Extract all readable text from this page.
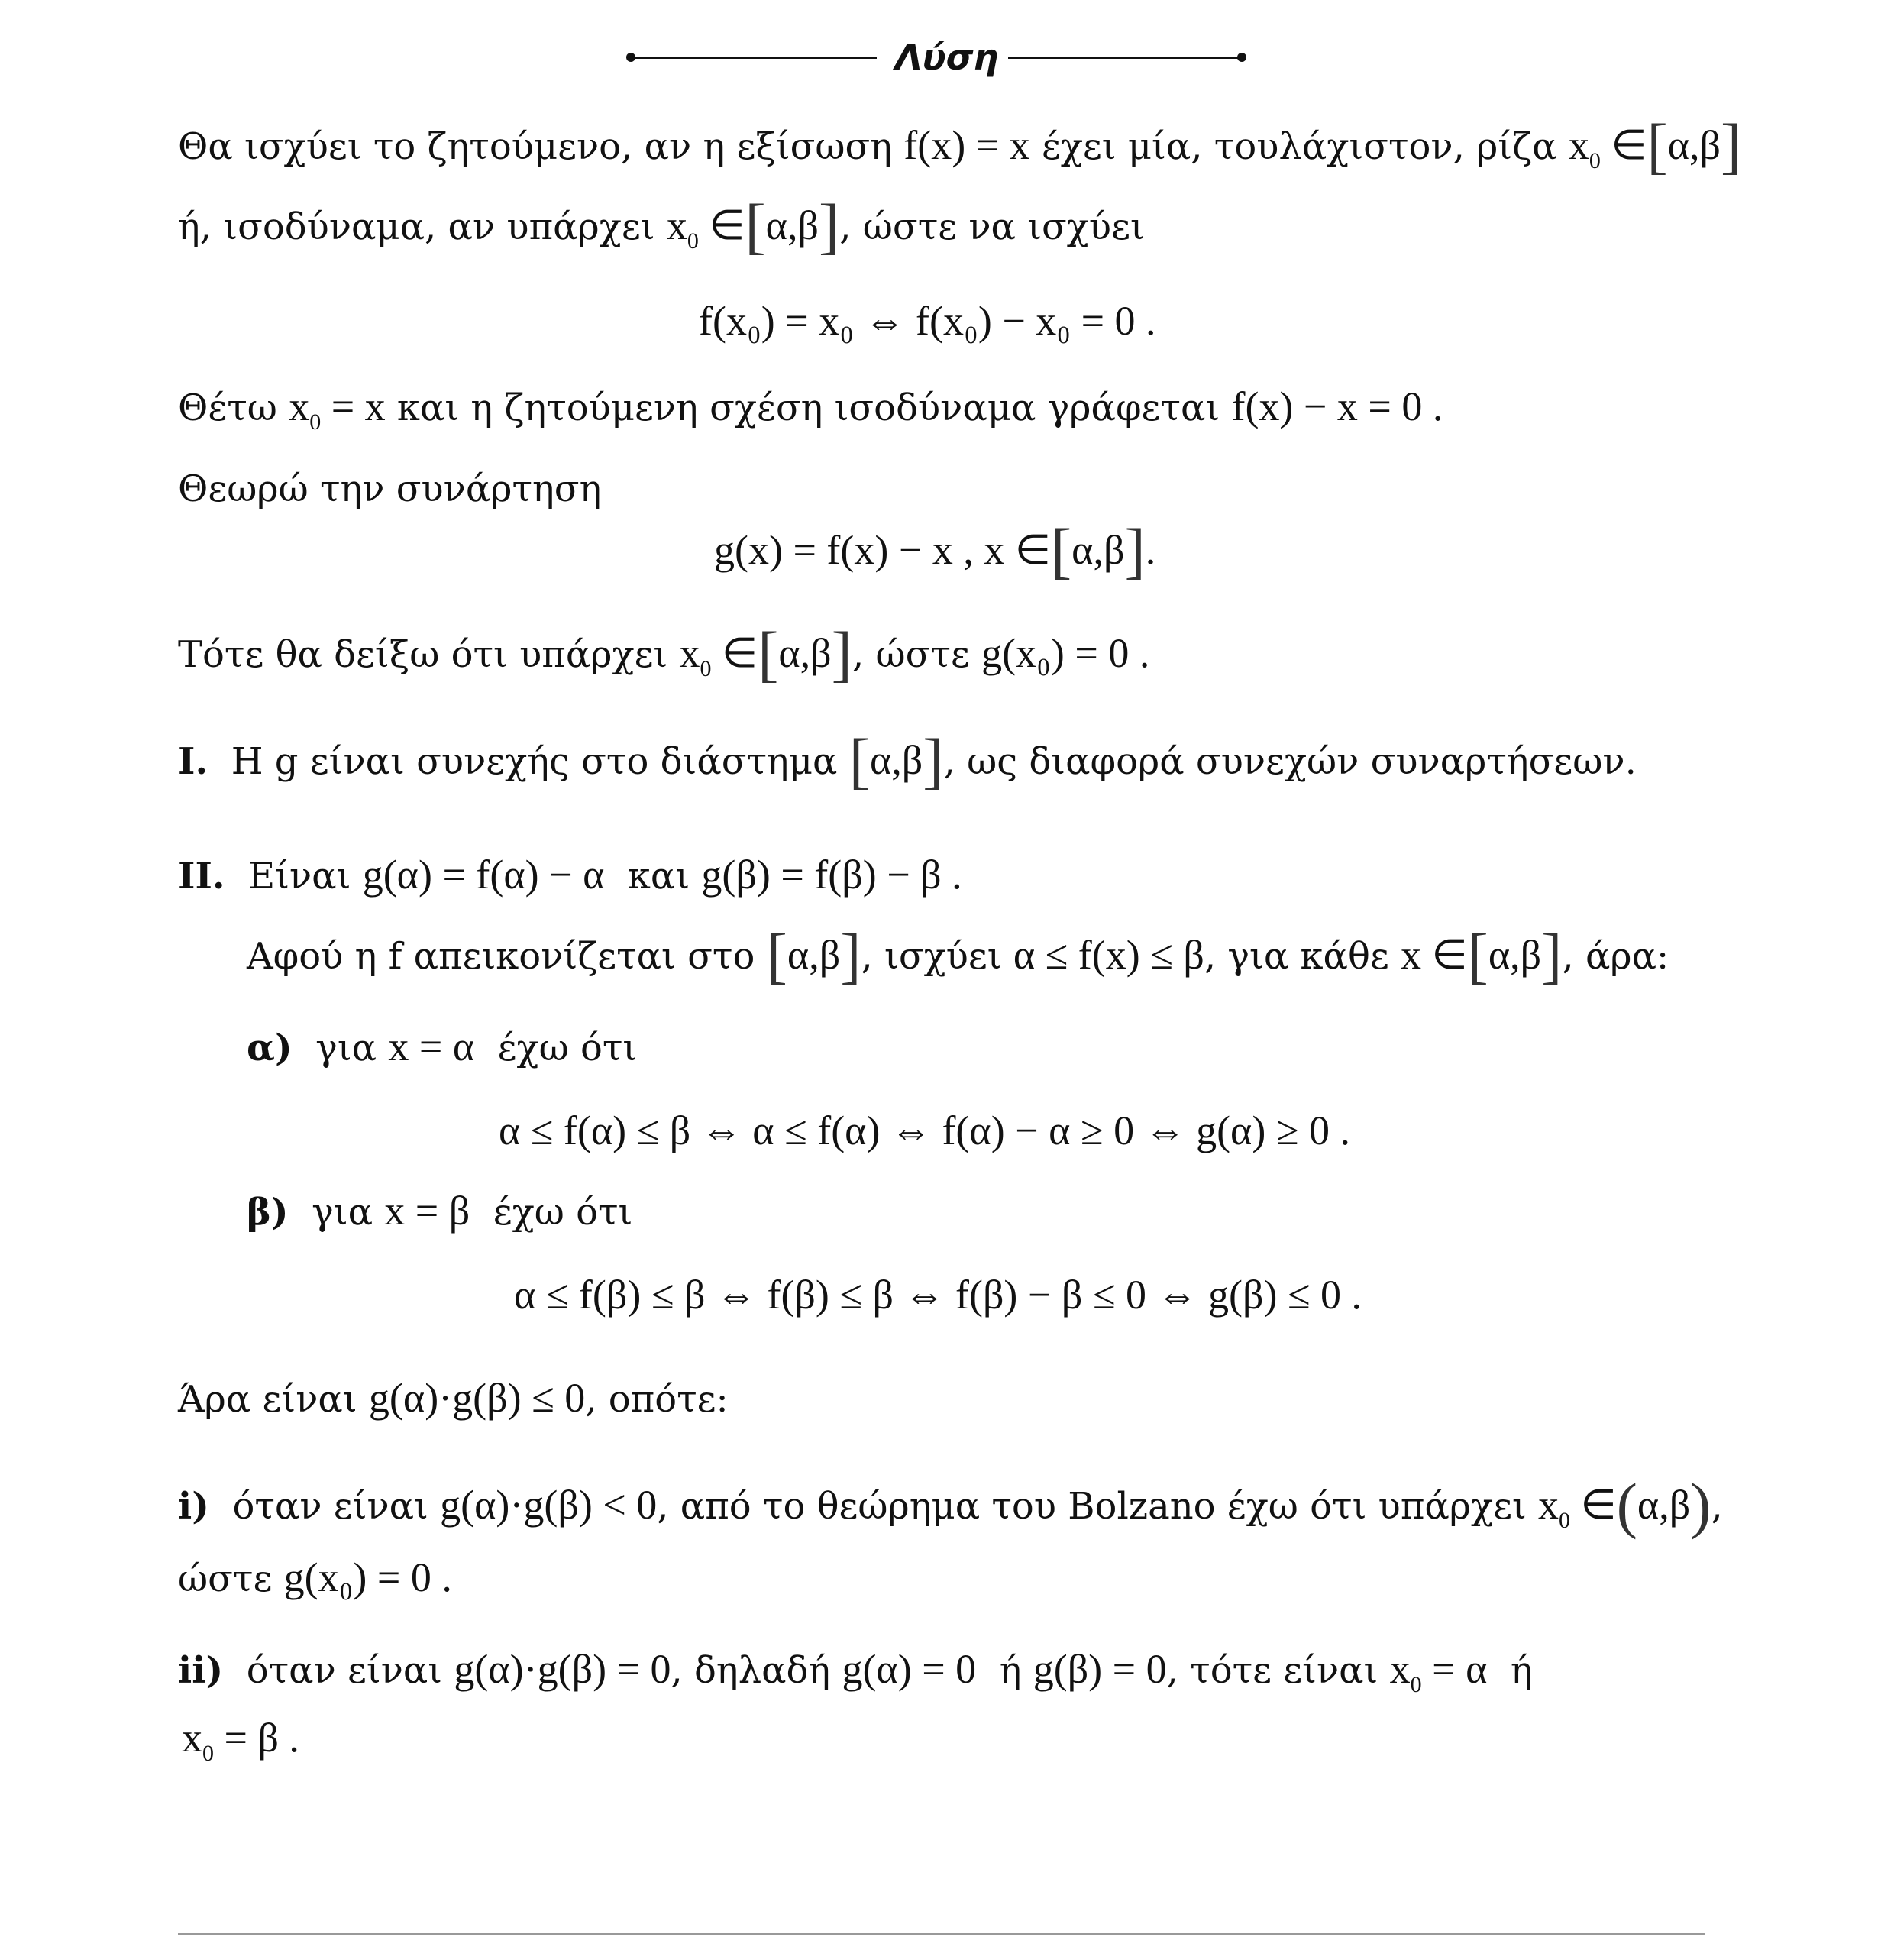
Λύση
Θα ισχύει το ζητούμενο, αν η εξίσωση f(x) = x έχει μία, τουλάχιστον, ρίζα $x_0$ ∈[α,β]
ή, ισοδύναμα, αν υπάρχει $x_0$ ∈[α,β], ώστε να ισχύει
f(x₀) = x₀ ⇔ f(x₀) − x₀ = 0 .
Θέτω $x_0 = x$ και η ζητούμενη σχέση ισοδύναμα γράφεται f(x) − x = 0 .
Θεωρώ την συνάρτηση
g(x) = f(x) − x , x ∈[α,β].
Τότε θα δείξω ότι υπάρχει $x_0$ ∈[α,β], ώστε g(x₀) = 0 .
I. Η g είναι συνεχής στο διάστημα [α,β], ως διαφορά συνεχών συναρτήσεων.
II. Είναι g(α) = f(α) − α και g(β) = f(β) − β .
Αφού η f απεικονίζεται στο [α,β], ισχύει α ≤ f(x) ≤ β, για κάθε x ∈[α,β], άρα:
α) για x = α έχω ότι
α ≤ f(α) ≤ β ⇔ α ≤ f(α) ⇔ f(α) − α ≥ 0 ⇔ g(α) ≥ 0 .
β) για x = β έχω ότι
α ≤ f(β) ≤ β ⇔ f(β) ≤ β ⇔ f(β) − β ≤ 0 ⇔ g(β) ≤ 0 .
Άρα είναι g(α)·g(β) ≤ 0, οπότε:
i) όταν είναι g(α)·g(β) < 0, από το θεώρημα του Bolzano έχω ότι υπάρχει $x_0$ ∈(α,β),
ώστε g(x₀) = 0 .
ii) όταν είναι g(α)·g(β) = 0, δηλαδή g(α) = 0 ή g(β) = 0, τότε είναι $x_0 = \alpha$ ή
$x_0 = \beta$ .
